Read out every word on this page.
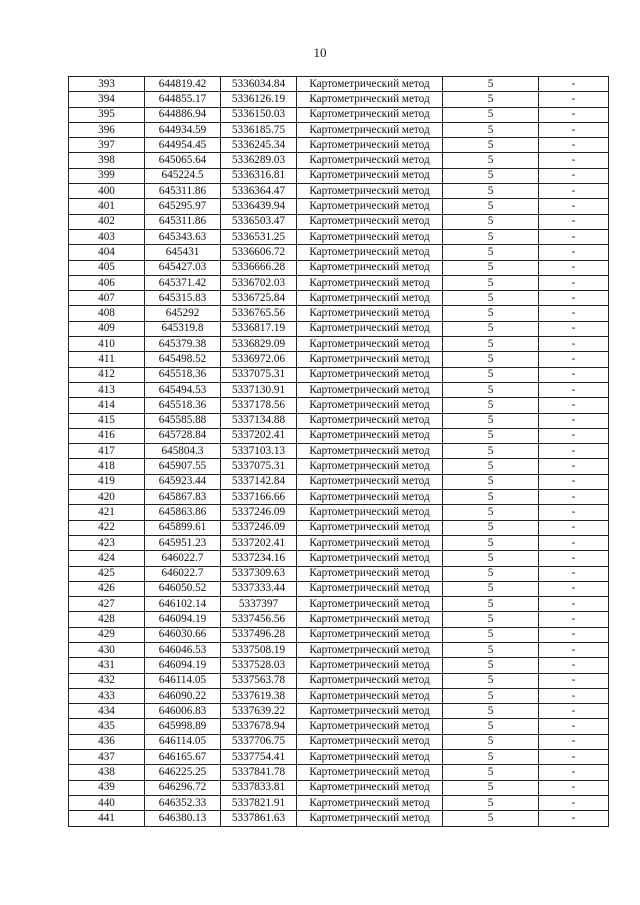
10
393	644819.42	5336034.84	Картометрический метод	5	-
394	644855.17	5336126.19	Картометрический метод	5	-
395	644886.94	5336150.03	Картометрический метод	5	-
396	644934.59	5336185.75	Картометрический метод	5	-
397	644954.45	5336245.34	Картометрический метод	5	-
398	645065.64	5336289.03	Картометрический метод	5	-
399	645224.5	5336316.81	Картометрический метод	5	-
400	645311.86	5336364.47	Картометрический метод	5	-
401	645295.97	5336439.94	Картометрический метод	5	-
402	645311.86	5336503.47	Картометрический метод	5	-
403	645343.63	5336531.25	Картометрический метод	5	-
404	645431	5336606.72	Картометрический метод	5	-
405	645427.03	5336666.28	Картометрический метод	5	-
406	645371.42	5336702.03	Картометрический метод	5	-
407	645315.83	5336725.84	Картометрический метод	5	-
408	645292	5336765.56	Картометрический метод	5	-
409	645319.8	5336817.19	Картометрический метод	5	-
410	645379.38	5336829.09	Картометрический метод	5	-
411	645498.52	5336972.06	Картометрический метод	5	-
412	645518.36	5337075.31	Картометрический метод	5	-
413	645494.53	5337130.91	Картометрический метод	5	-
414	645518.36	5337178.56	Картометрический метод	5	-
415	645585.88	5337134.88	Картометрический метод	5	-
416	645728.84	5337202.41	Картометрический метод	5	-
417	645804.3	5337103.13	Картометрический метод	5	-
418	645907.55	5337075.31	Картометрический метод	5	-
419	645923.44	5337142.84	Картометрический метод	5	-
420	645867.83	5337166.66	Картометрический метод	5	-
421	645863.86	5337246.09	Картометрический метод	5	-
422	645899.61	5337246.09	Картометрический метод	5	-
423	645951.23	5337202.41	Картометрический метод	5	-
424	646022.7	5337234.16	Картометрический метод	5	-
425	646022.7	5337309.63	Картометрический метод	5	-
426	646050.52	5337333.44	Картометрический метод	5	-
427	646102.14	5337397	Картометрический метод	5	-
428	646094.19	5337456.56	Картометрический метод	5	-
429	646030.66	5337496.28	Картометрический метод	5	-
430	646046.53	5337508.19	Картометрический метод	5	-
431	646094.19	5337528.03	Картометрический метод	5	-
432	646114.05	5337563.78	Картометрический метод	5	-
433	646090.22	5337619.38	Картометрический метод	5	-
434	646006.83	5337639.22	Картометрический метод	5	-
435	645998.89	5337678.94	Картометрический метод	5	-
436	646114.05	5337706.75	Картометрический метод	5	-
437	646165.67	5337754.41	Картометрический метод	5	-
438	646225.25	5337841.78	Картометрический метод	5	-
439	646296.72	5337833.81	Картометрический метод	5	-
440	646352.33	5337821.91	Картометрический метод	5	-
441	646380.13	5337861.63	Картометрический метод	5	-
